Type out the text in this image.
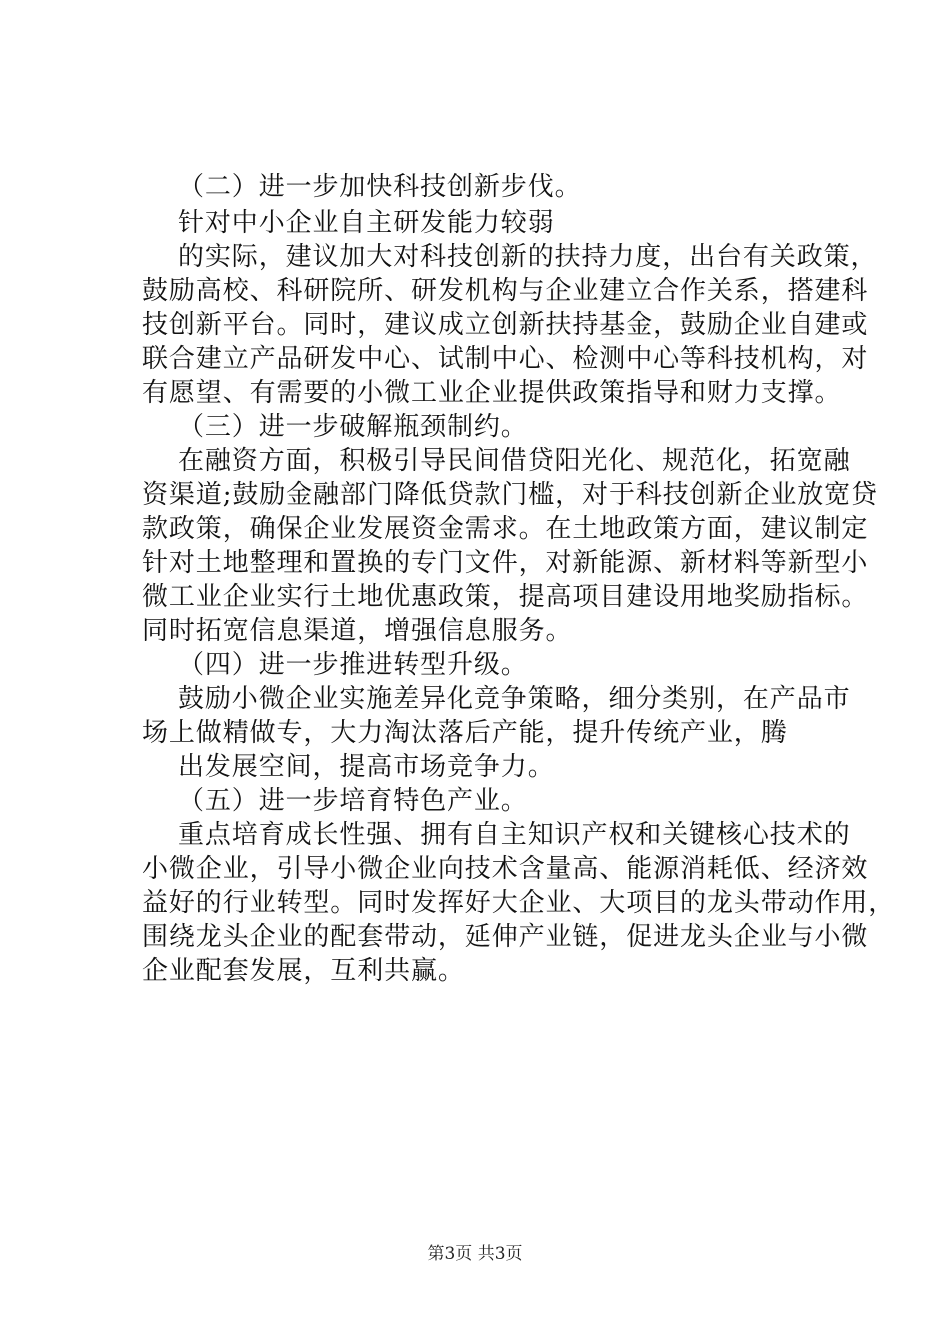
（二）进一步加快科技创新步伐。
针对中小企业自主研发能力较弱
的实际，建议加大对科技创新的扶持力度，出台有关政策，
鼓励高校、科研院所、研发机构与企业建立合作关系，搭建科
技创新平台。同时，建议成立创新扶持基金，鼓励企业自建或
联合建立产品研发中心、试制中心、检测中心等科技机构，对
有愿望、有需要的小微工业企业提供政策指导和财力支撑。
（三）进一步破解瓶颈制约。
在融资方面，积极引导民间借贷阳光化、规范化，拓宽融
资渠道;鼓励金融部门降低贷款门槛，对于科技创新企业放宽贷
款政策，确保企业发展资金需求。在土地政策方面，建议制定
针对土地整理和置换的专门文件，对新能源、新材料等新型小
微工业企业实行土地优惠政策，提高项目建设用地奖励指标。
同时拓宽信息渠道，增强信息服务。
（四）进一步推进转型升级。
鼓励小微企业实施差异化竞争策略，细分类别，在产品市
场上做精做专，大力淘汰落后产能，提升传统产业，腾
出发展空间，提高市场竞争力。
（五）进一步培育特色产业。
重点培育成长性强、拥有自主知识产权和关键核心技术的
小微企业，引导小微企业向技术含量高、能源消耗低、经济效
益好的行业转型。同时发挥好大企业、大项目的龙头带动作用，
围绕龙头企业的配套带动，延伸产业链，促进龙头企业与小微
企业配套发展，互利共赢。
第3页 共3页
